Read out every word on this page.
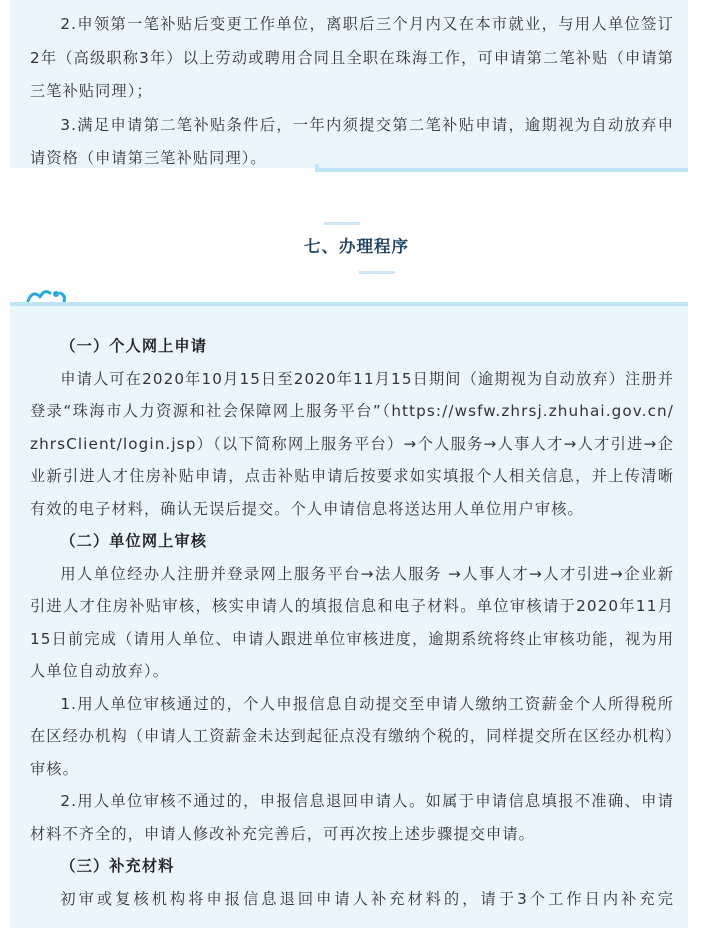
2.申领第一笔补贴后变更工作单位，离职后三个月内又在本市就业，与用人单位签订2年（高级职称3年）以上劳动或聘用合同且全职在珠海工作，可申请第二笔补贴（申请第三笔补贴同理）；

3.满足申请第二笔补贴条件后，一年内须提交第二笔补贴申请，逾期视为自动放弃申请资格（申请第三笔补贴同理）。

七、办理程序

（一）个人网上申请

申请人可在2020年10月15日至2020年11月15日期间（逾期视为自动放弃）注册并登录“珠海市人力资源和社会保障网上服务平台”（https://wsfw.zhrsj.zhuhai.gov.cn/zhrsClient/login.jsp）（以下简称网上服务平台）→个人服务→人事人才→人才引进→企业新引进人才住房补贴申请，点击补贴申请后按要求如实填报个人相关信息，并上传清晰有效的电子材料，确认无误后提交。个人申请信息将送达用人单位用户审核。

（二）单位网上审核

用人单位经办人注册并登录网上服务平台→法人服务 →人事人才→人才引进→企业新引进人才住房补贴审核，核实申请人的填报信息和电子材料。单位审核请于2020年11月15日前完成（请用人单位、申请人跟进单位审核进度，逾期系统将终止审核功能，视为用人单位自动放弃）。

1.用人单位审核通过的，个人申报信息自动提交至申请人缴纳工资薪金个人所得税所在区经办机构（申请人工资薪金未达到起征点没有缴纳个税的，同样提交所在区经办机构）审核。

2.用人单位审核不通过的，申报信息退回申请人。如属于申请信息填报不准确、申请材料不齐全的，申请人修改补充完善后，可再次按上述步骤提交申请。

（三）补充材料

初审或复核机构将申报信息退回申请人补充材料的，请于3个工作日内补充完
